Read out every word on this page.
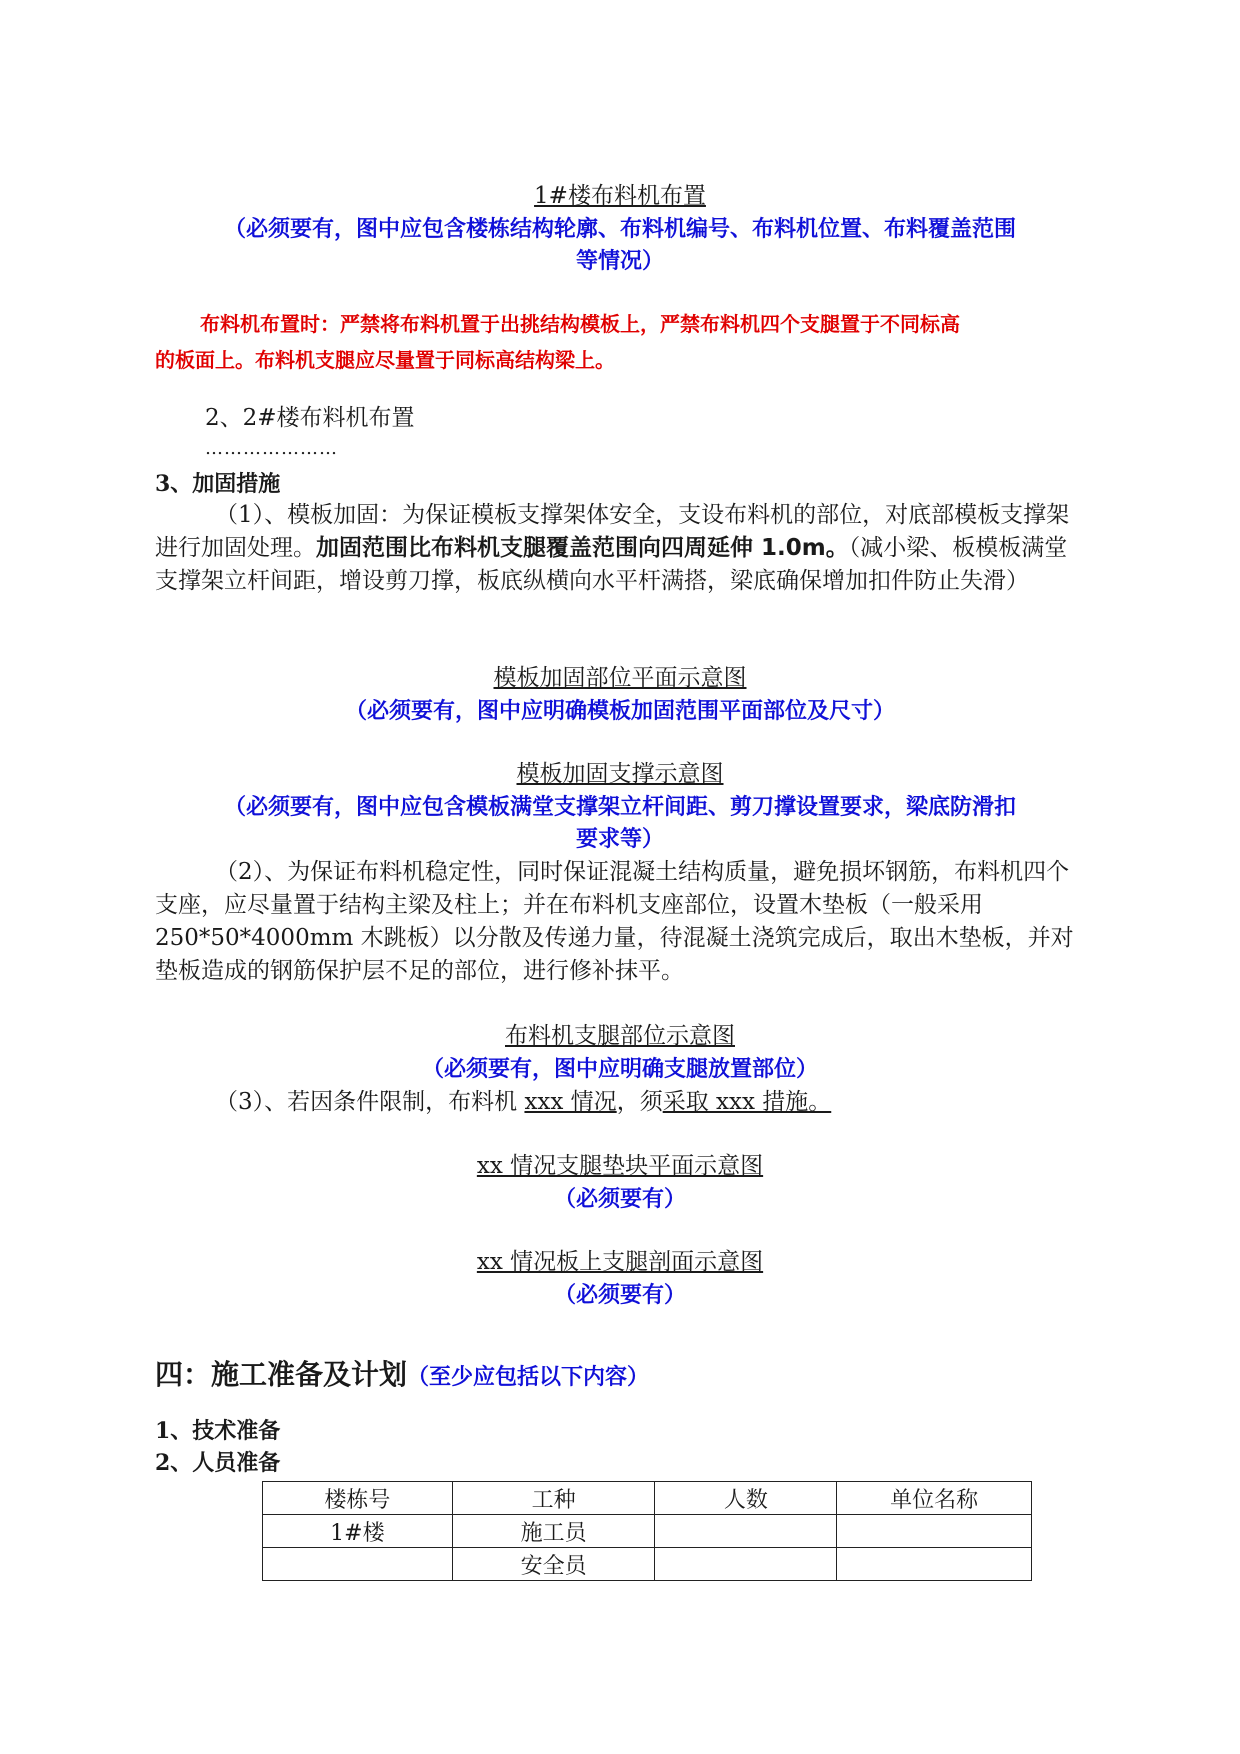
1#楼布料机布置
（必须要有，图中应包含楼栋结构轮廓、布料机编号、布料机位置、布料覆盖范围
等情况）
布料机布置时：严禁将布料机置于出挑结构模板上，严禁布料机四个支腿置于不同标高
的板面上。布料机支腿应尽量置于同标高结构梁上。
2、2#楼布料机布置
…………………
3、加固措施
（1）、模板加固：为保证模板支撑架体安全，支设布料机的部位，对底部模板支撑架进行加固处理。加固范围比布料机支腿覆盖范围向四周延伸 1.0m。（减小梁、板模板满堂支撑架立杆间距，增设剪刀撑，板底纵横向水平杆满搭，梁底确保增加扣件防止失滑）
模板加固部位平面示意图
（必须要有，图中应明确模板加固范围平面部位及尺寸）
模板加固支撑示意图
（必须要有，图中应包含模板满堂支撑架立杆间距、剪刀撑设置要求，梁底防滑扣
要求等）
（2）、为保证布料机稳定性，同时保证混凝土结构质量，避免损坏钢筋，布料机四个支座，应尽量置于结构主梁及柱上；并在布料机支座部位，设置木垫板（一般采用 250*50*4000mm 木跳板）以分散及传递力量，待混凝土浇筑完成后，取出木垫板，并对垫板造成的钢筋保护层不足的部位，进行修补抹平。
布料机支腿部位示意图
（必须要有，图中应明确支腿放置部位）
（3）、若因条件限制，布料机 xxx 情况，须采取 xxx 措施。
xx 情况支腿垫块平面示意图
（必须要有）
xx 情况板上支腿剖面示意图
（必须要有）
四：施工准备及计划（至少应包括以下内容）
1、技术准备
2、人员准备
楼栋号	工种	人数	单位名称
1#楼	施工员		
	安全员		
